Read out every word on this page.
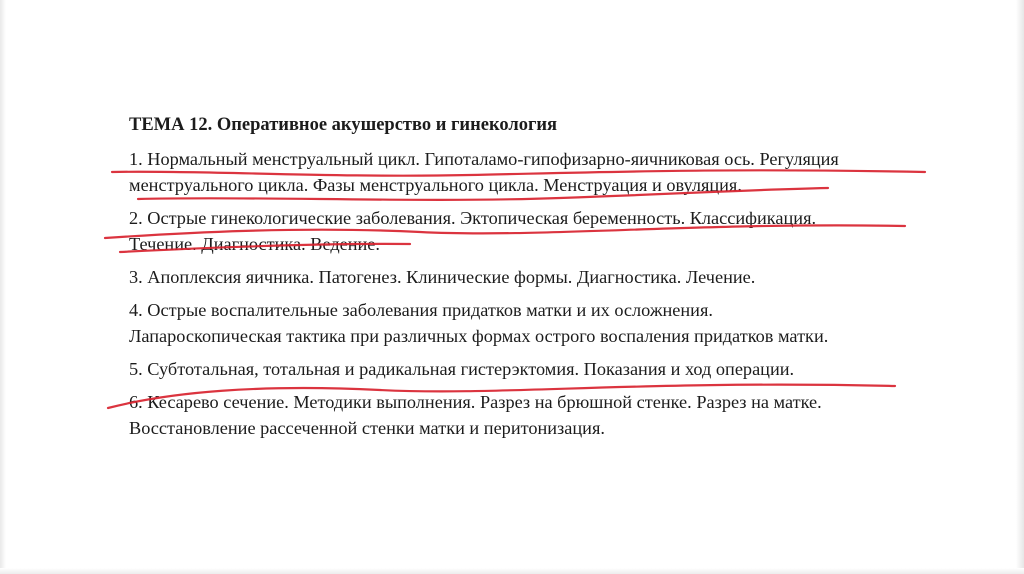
ТЕМА 12. Оперативное акушерство и гинекология
1. Нормальный менструальный цикл. Гипоталамо-гипофизарно-яичниковая ось. Регуляция
менструального цикла. Фазы менструального цикла. Менструация и овуляция.
2. Острые гинекологические заболевания. Эктопическая беременность. Классификация.
Течение. Диагностика. Ведение.
3. Апоплексия яичника. Патогенез. Клинические формы. Диагностика. Лечение.
4. Острые воспалительные заболевания придатков матки и их осложнения.
Лапароскопическая тактика при различных формах острого воспаления придатков матки.
5. Субтотальная, тотальная и радикальная гистерэктомия. Показания и ход операции.
6. Кесарево сечение. Методики выполнения. Разрез на брюшной стенке. Разрез на матке.
Восстановление рассеченной стенки матки и перитонизация.
